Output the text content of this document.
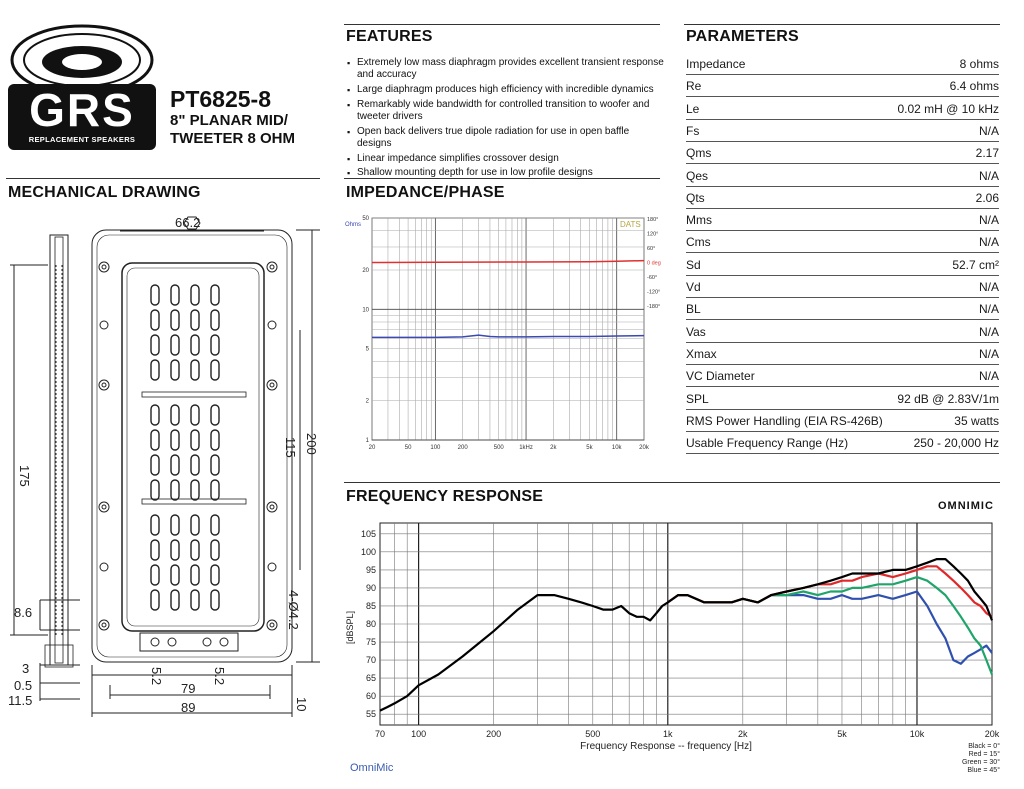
GRS
REPLACEMENT SPEAKERS
PT6825-8
8" PLANAR MID/
TWEETER 8 OHM
FEATURES
▪ Extremely low mass diaphragm provides excellent transient response and accuracy
▪ Large diaphragm produces high efficiency with incredible dynamics
▪ Remarkably wide bandwidth for controlled transition to woofer and tweeter drivers
▪ Open back delivers true dipole radiation for use in open baffle designs
▪ Linear impedance simplifies crossover design
▪ Shallow mounting depth for use in low profile designs
PARAMETERS
Impedance	8 ohms
Re	6.4 ohms
Le	0.02 mH @ 10 kHz
Fs	N/A
Qms	2.17
Qes	N/A
Qts	2.06
Mms	N/A
Cms	N/A
Sd	52.7 cm²
Vd	N/A
BL	N/A
Vas	N/A
Xmax	N/A
VC Diameter	N/A
SPL	92 dB @ 2.83V/1m
RMS Power Handling (EIA RS-426B)	35 watts
Usable Frequency Range (Hz)	250 - 20,000 Hz
MECHANICAL DRAWING
66.2
175
200
115
4-Ø4.2
8.6
3
0.5
11.5
79
89	10
5.2	5.2
IMPEDANCE/PHASE
20	50	100	200	500	1kHz	2k	5k	10k	20k
1
2
5
10
20
50
Ohms
180°
120°
60°
0 deg
-60°
-120°
-180°
DATS
FREQUENCY RESPONSE
OMNIMIC
70	100	200	500	1k	2k	5k	10k	20k
55
60
65
70
75
80
85
90
95
100
105
[dBSPL]
Frequency Response -- frequency [Hz]
OmniMic
Black = 0°
Red = 15°
Green = 30°
Blue = 45°
